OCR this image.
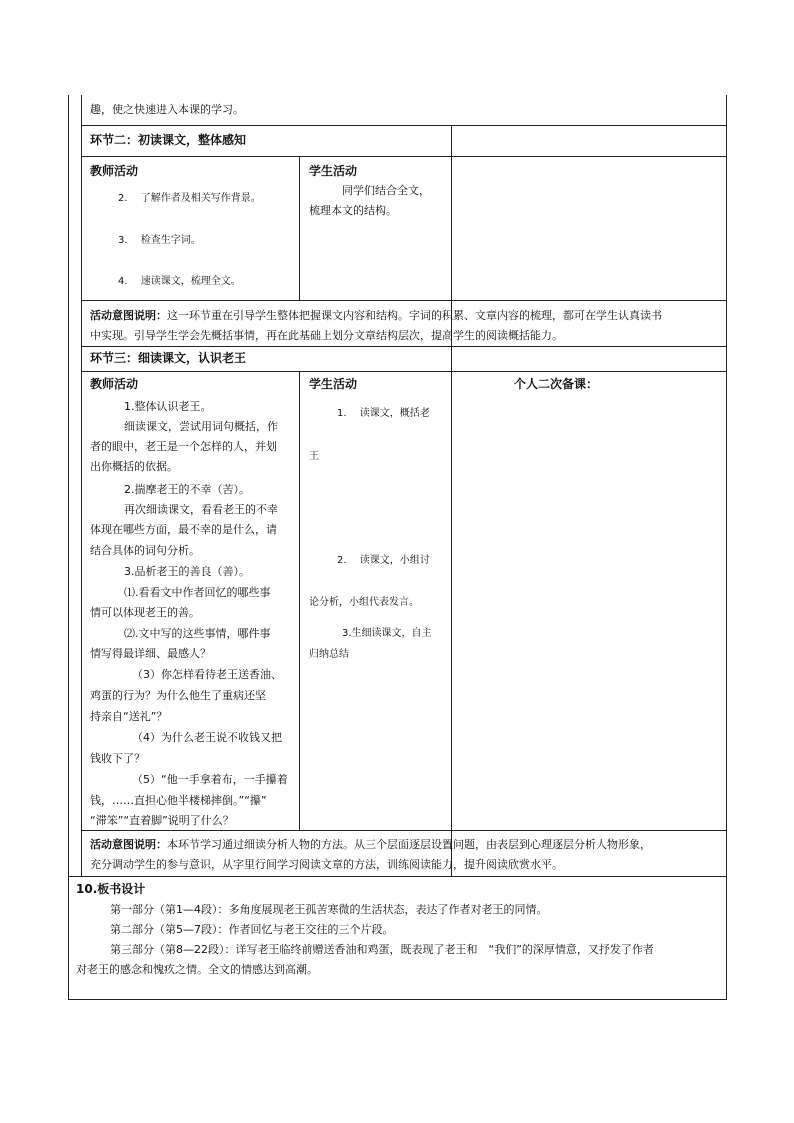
趣，使之快速进入本课的学习。
环节二：初读课文，整体感知
教师活动
2.　 了解作者及相关写作背景。
3.　 检查生字词。
4.　 速读课文，梳理全文。
学生活动
同学们结合全文，
梳理本文的结构。
活动意图说明：这一环节重在引导学生整体把握课文内容和结构。字词的积累、文章内容的梳理，都可在学生认真读书
中实现。引导学生学会先概括事情，再在此基础上划分文章结构层次，提高学生的阅读概括能力。
环节三：细读课文，认识老王
教师活动	学生活动	个人二次备课：
1.整体认识老王。
细读课文，尝试用词句概括，作
者的眼中，老王是一个怎样的人，并划
出你概括的依据。
2.揣摩老王的不幸（苦）。
再次细读课文，看看老王的不幸
体现在哪些方面，最不幸的是什么，请
结合具体的词句分析。
3.品析老王的善良（善）。
⑴.看看文中作者回忆的哪些事
情可以体现老王的善。
⑵.文中写的这些事情，哪件事
情写得最详细、最感人？
（3）你怎样看待老王送香油、
鸡蛋的行为？为什么他生了重病还坚
持亲自“送礼”？
（4）为什么老王说不收钱又把
钱收下了？
（5）“他一手拿着布，一手攥着
钱，……直担心他半楼梯摔倒。”“攥”
“滞笨”“直着脚”说明了什么？
1.　 读课文，概括老
王
2.　 读课文，小组讨
论分析，小组代表发言。
3.生细读课文，自主
归纳总结
活动意图说明：本环节学习通过细读分析人物的方法。从三个层面逐层设置问题，由表层到心理逐层分析人物形象，
充分调动学生的参与意识，从字里行间学习阅读文章的方法，训练阅读能力，提升阅读欣赏水平。
10.板书设计
第一部分（第1—4段）：多角度展现老王孤苦寒微的生活状态，表达了作者对老王的同情。
第二部分（第5—7段）：作者回忆与老王交往的三个片段。
第三部分（第8—22段）：详写老王临终前赠送香油和鸡蛋，既表现了老王和　“我们”的深厚情意，又抒发了作者
对老王的感念和愧疚之情。全文的情感达到高潮。
